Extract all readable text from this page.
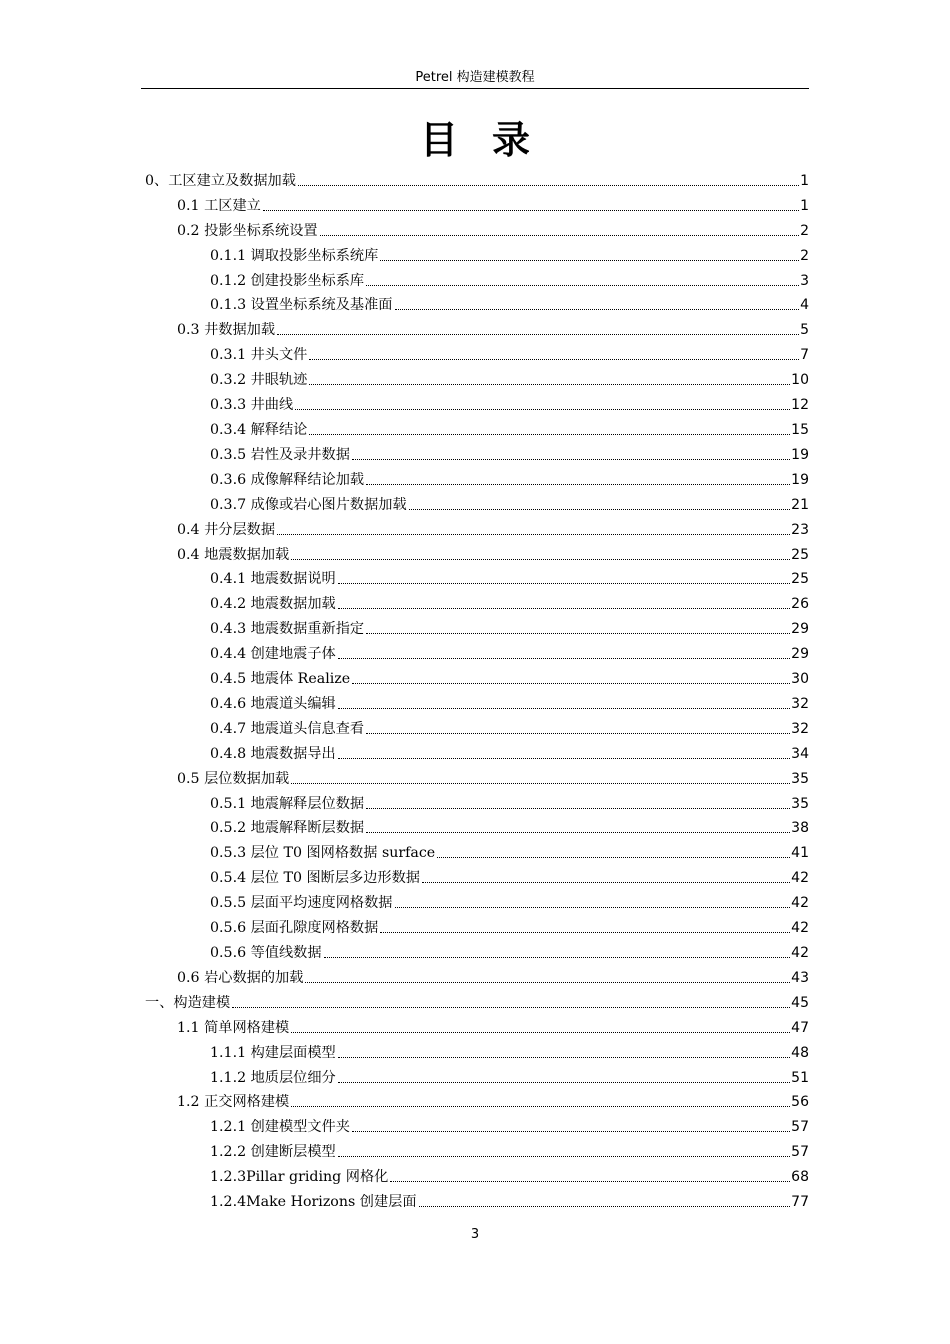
Petrel 构造建模教程
目录
0、工区建立及数据加载	1
0.1 工区建立	1
0.2 投影坐标系统设置	2
0.1.1 调取投影坐标系统库	2
0.1.2 创建投影坐标系库	3
0.1.3 设置坐标系统及基准面	4
0.3 井数据加载	5
0.3.1 井头文件	7
0.3.2 井眼轨迹	10
0.3.3 井曲线	12
0.3.4 解释结论	15
0.3.5 岩性及录井数据	19
0.3.6 成像解释结论加载	19
0.3.7 成像或岩心图片数据加载	21
0.4 井分层数据	23
0.4 地震数据加载	25
0.4.1 地震数据说明	25
0.4.2 地震数据加载	26
0.4.3 地震数据重新指定	29
0.4.4 创建地震子体	29
0.4.5 地震体 Realize	30
0.4.6 地震道头编辑	32
0.4.7 地震道头信息查看	32
0.4.8 地震数据导出	34
0.5 层位数据加载	35
0.5.1 地震解释层位数据	35
0.5.2 地震解释断层数据	38
0.5.3 层位 T0 图网格数据 surface	41
0.5.4 层位 T0 图断层多边形数据	42
0.5.5 层面平均速度网格数据	42
0.5.6 层面孔隙度网格数据	42
0.5.6 等值线数据	42
0.6 岩心数据的加载	43
一、构造建模	45
1.1 简单网格建模	47
1.1.1 构建层面模型	48
1.1.2 地质层位细分	51
1.2 正交网格建模	56
1.2.1 创建模型文件夹	57
1.2.2 创建断层模型	57
1.2.3Pillar griding 网格化	68
1.2.4Make Horizons 创建层面	77
3
